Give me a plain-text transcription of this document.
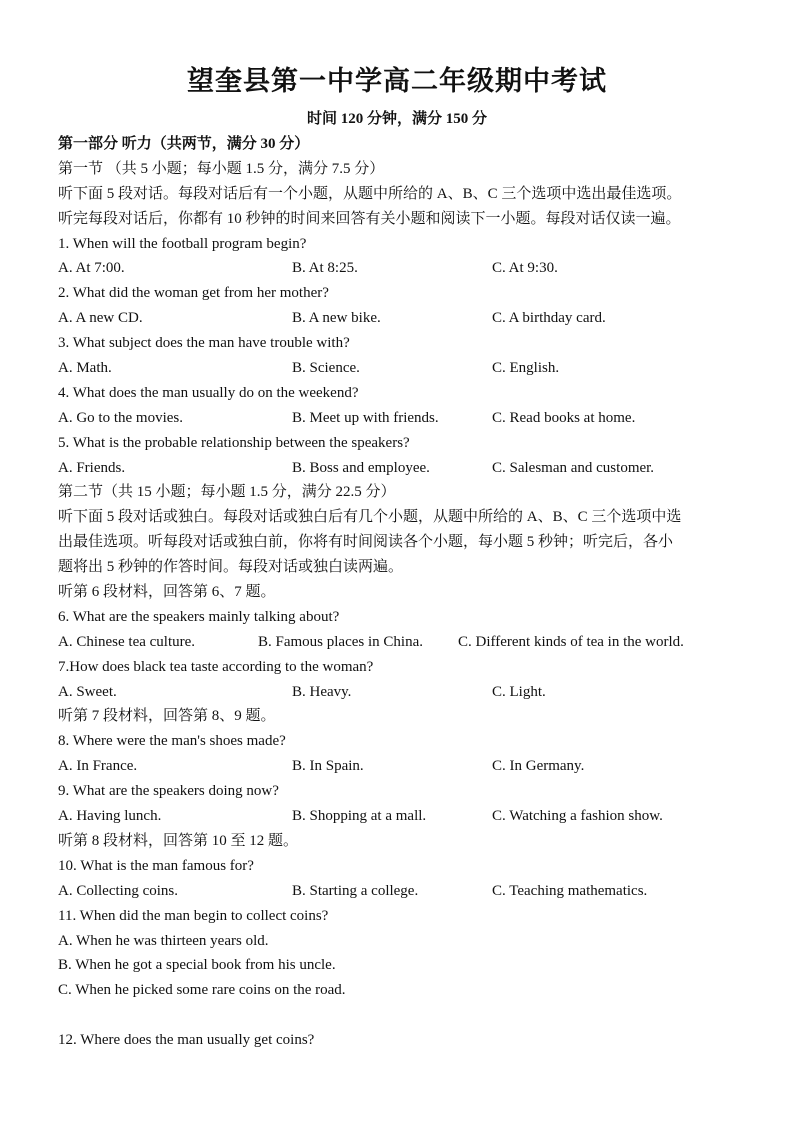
望奎县第一中学高二年级期中考试
时间 120 分钟，满分 150 分
第一部分 听力（共两节，满分 30 分）
第一节 （共 5 小题；每小题 1.5 分，满分 7.5 分）
听下面 5 段对话。每段对话后有一个小题，从题中所给的 A、B、C 三个选项中选出最佳选项。
听完每段对话后，你都有 10 秒钟的时间来回答有关小题和阅读下一小题。每段对话仅读一遍。
1. When will the football program begin?
A. At 7:00.	B. At 8:25.	C. At 9:30.
2. What did the woman get from her mother?
A. A new CD.	B. A new bike.	C. A birthday card.
3. What subject does the man have trouble with?
A. Math.	B. Science.	C. English.
4. What does the man usually do on the weekend?
A. Go to the movies.	B. Meet up with friends.	C. Read books at home.
5. What is the probable relationship between the speakers?
A. Friends.	B. Boss and employee.	C. Salesman and customer.
第二节（共 15 小题；每小题 1.5 分，满分 22.5 分）
听下面 5 段对话或独白。每段对话或独白后有几个小题，从题中所给的 A、B、C 三个选项中选
出最佳选项。听每段对话或独白前，你将有时间阅读各个小题，每小题 5 秒钟；听完后，各小
题将出 5 秒钟的作答时间。每段对话或独白读两遍。
听第 6 段材料，回答第 6、7 题。
6. What are the speakers mainly talking about?
A. Chinese tea culture.	B. Famous places in China. C. Different kinds of tea in the world.
7.How does black tea taste according to the woman?
A. Sweet.	B. Heavy.	C. Light.
听第 7 段材料，回答第 8、9 题。
8. Where were the man's shoes made?
A. In France.	B. In Spain.	C. In Germany.
9. What are the speakers doing now?
A. Having lunch.	B. Shopping at a mall.	C. Watching a fashion show.
听第 8 段材料，回答第 10 至 12 题。
10. What is the man famous for?
A. Collecting coins.	B. Starting a college.	C. Teaching mathematics.
11. When did the man begin to collect coins?
A. When he was thirteen years old.
B. When he got a special book from his uncle.
C. When he picked some rare coins on the road.
12. Where does the man usually get coins?
